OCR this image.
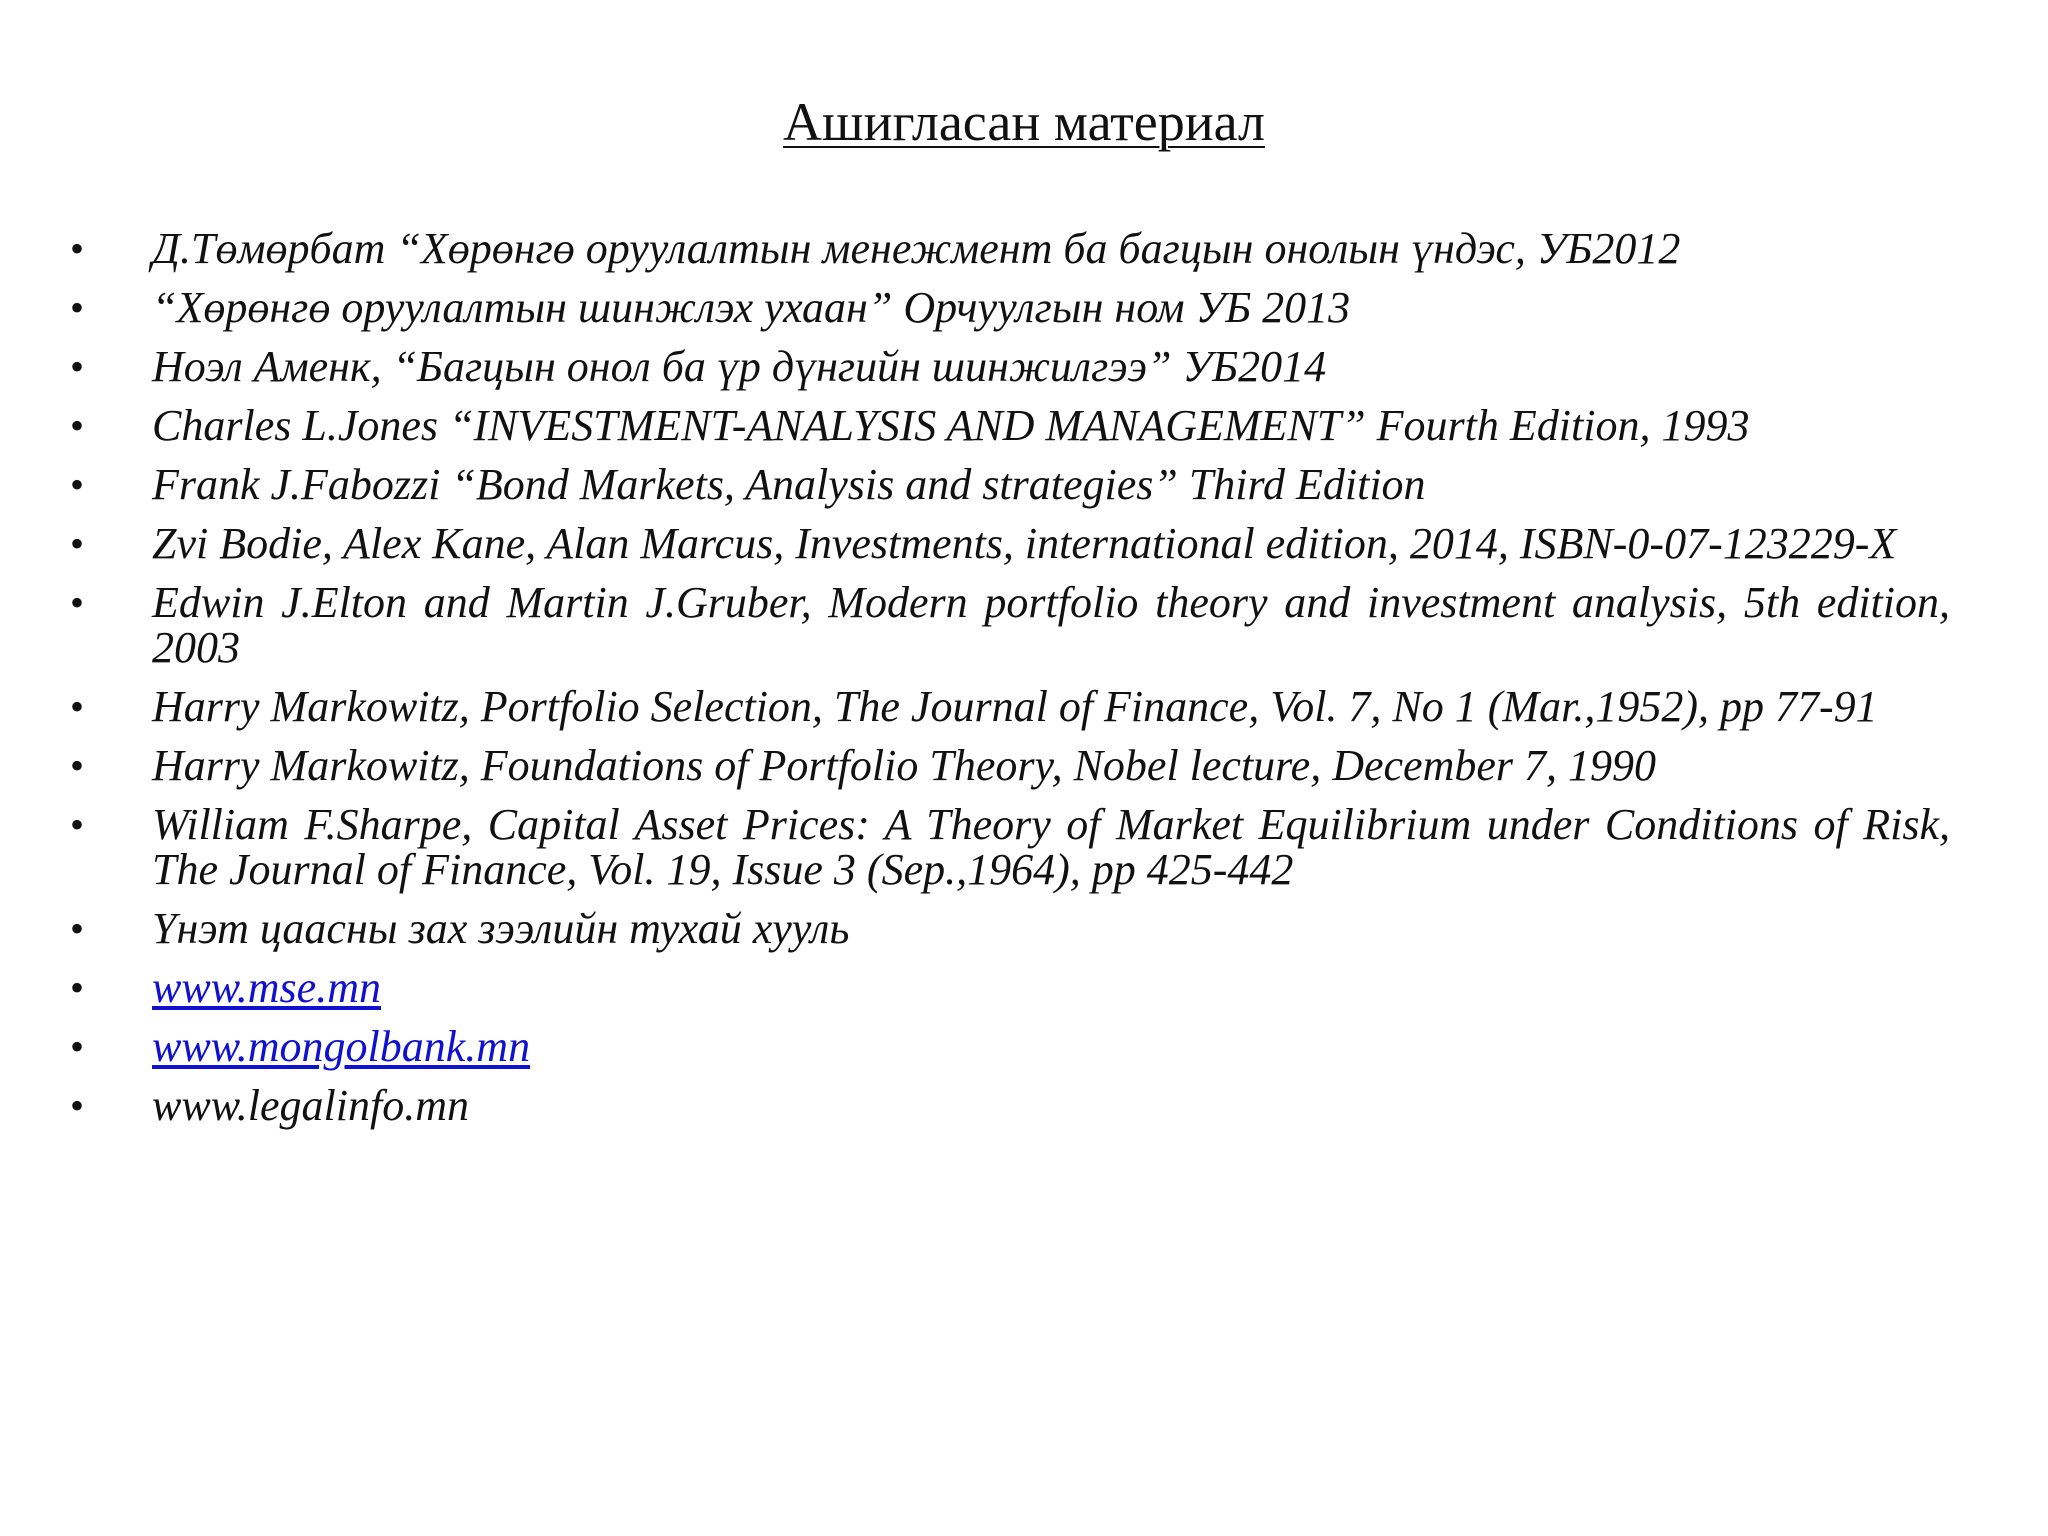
Ашигласан материал
• Д.Төмөрбат “Хөрөнгө оруулалтын менежмент ба багцын онолын үндэс, УБ2012
• “Хөрөнгө оруулалтын шинжлэх ухаан” Орчуулгын ном УБ 2013
• Ноэл Аменк, “Багцын онол ба үр дүнгийн шинжилгээ” УБ2014
• Charles L.Jones “INVESTMENT-ANALYSIS AND MANAGEMENT” Fourth Edition, 1993
• Frank J.Fabozzi “Bond Markets, Analysis and strategies” Third Edition
• Zvi Bodie, Alex Kane, Alan Marcus, Investments, international edition, 2014, ISBN-0-07-123229-X
• Edwin J.Elton and Martin J.Gruber, Modern portfolio theory and investment analysis, 5th edition, 2003
• Harry Markowitz, Portfolio Selection, The Journal of Finance, Vol. 7, No 1 (Mar.,1952), pp 77-91
• Harry Markowitz, Foundations of Portfolio Theory, Nobel lecture, December 7, 1990
• William F.Sharpe, Capital Asset Prices: A Theory of Market Equilibrium under Conditions of Risk, The Journal of Finance, Vol. 19, Issue 3 (Sep.,1964), pp 425-442
• Үнэт цаасны зах зээлийн тухай хууль
• www.mse.mn
• www.mongolbank.mn
• www.legalinfo.mn
